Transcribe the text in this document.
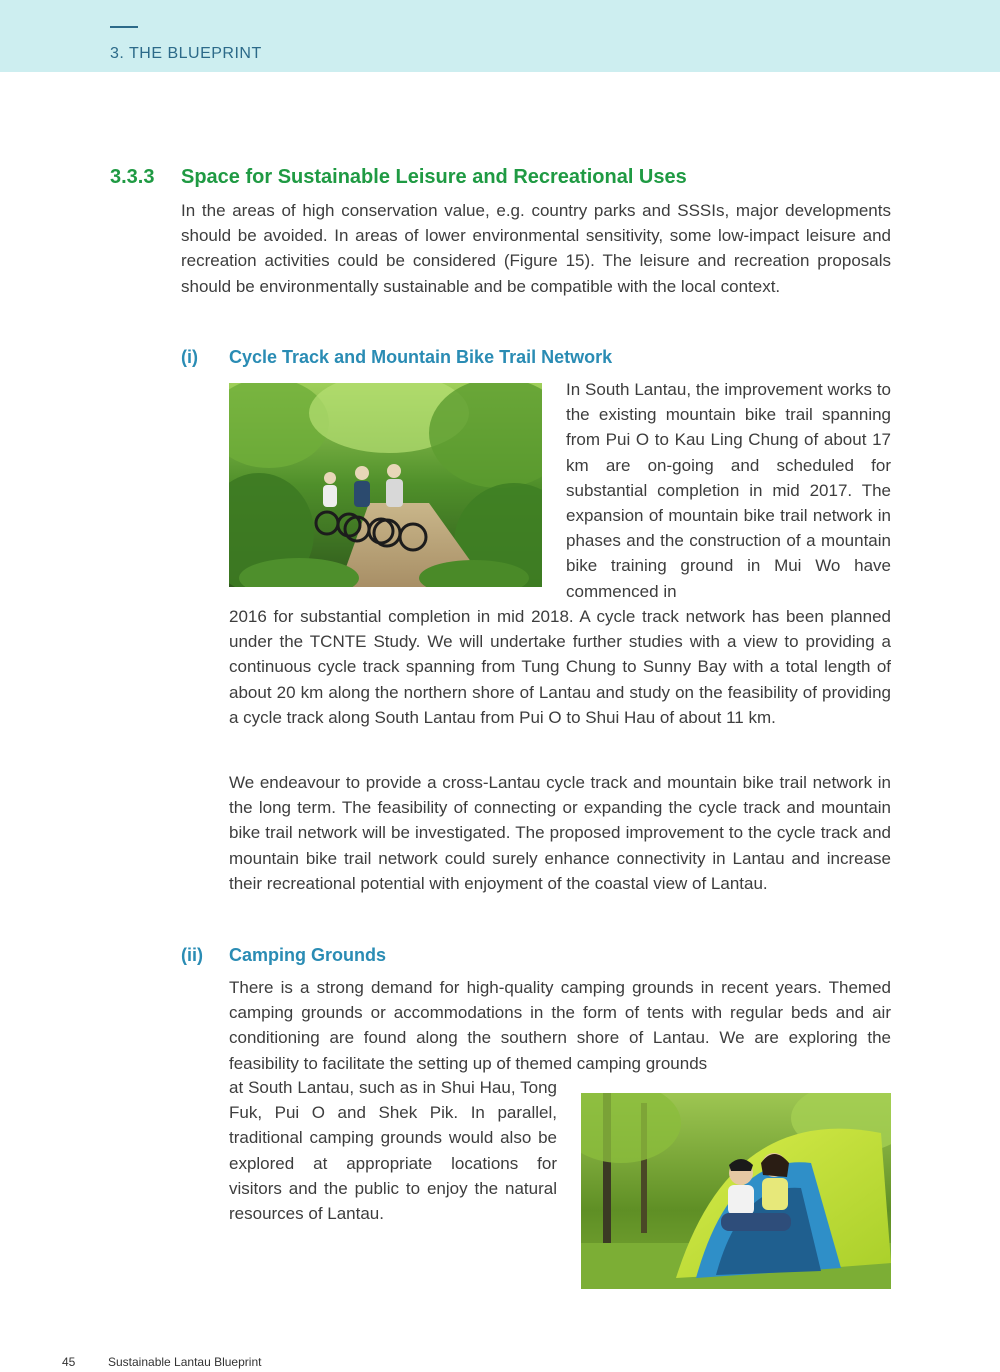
3. THE BLUEPRINT
3.3.3 Space for Sustainable Leisure and Recreational Uses
In the areas of high conservation value, e.g. country parks and SSSIs, major developments should be avoided. In areas of lower environmental sensitivity, some low-impact leisure and recreation activities could be considered (Figure 15). The leisure and recreation proposals should be environmentally sustainable and be compatible with the local context.
(i) Cycle Track and Mountain Bike Trail Network
In South Lantau, the improvement works to the existing mountain bike trail spanning from Pui O to Kau Ling Chung of about 17 km are on-going and scheduled for substantial completion in mid 2017. The expansion of mountain bike trail network in phases and the construction of a mountain bike training ground in Mui Wo have commenced in
2016 for substantial completion in mid 2018. A cycle track network has been planned under the TCNTE Study. We will undertake further studies with a view to providing a continuous cycle track spanning from Tung Chung to Sunny Bay with a total length of about 20 km along the northern shore of Lantau and study on the feasibility of providing a cycle track along South Lantau from Pui O to Shui Hau of about 11 km.
We endeavour to provide a cross-Lantau cycle track and mountain bike trail network in the long term. The feasibility of connecting or expanding the cycle track and mountain bike trail network will be investigated. The proposed improvement to the cycle track and mountain bike trail network could surely enhance connectivity in Lantau and increase their recreational potential with enjoyment of the coastal view of Lantau.
(ii) Camping Grounds
There is a strong demand for high-quality camping grounds in recent years. Themed camping grounds or accommodations in the form of tents with regular beds and air conditioning are found along the southern shore of Lantau. We are exploring the feasibility to facilitate the setting up of themed camping grounds
at South Lantau, such as in Shui Hau, Tong Fuk, Pui O and Shek Pik. In parallel, traditional camping grounds would also be explored at appropriate locations for visitors and the public to enjoy the natural resources of Lantau.
45	Sustainable Lantau Blueprint
